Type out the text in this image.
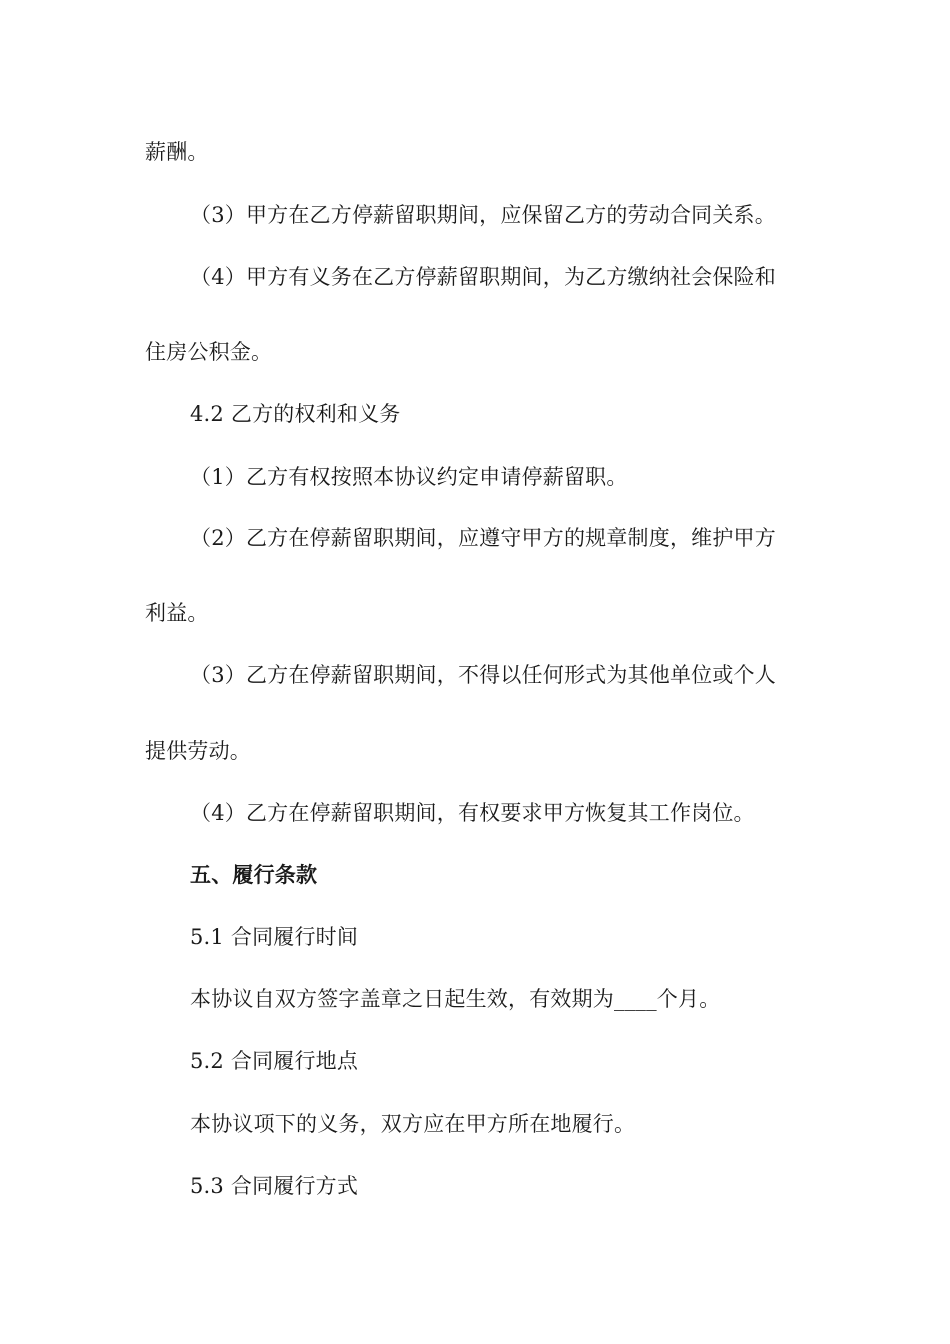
薪酬。
（3）甲方在乙方停薪留职期间，应保留乙方的劳动合同关系。
（4）甲方有义务在乙方停薪留职期间，为乙方缴纳社会保险和
住房公积金。
4.2 乙方的权利和义务
（1）乙方有权按照本协议约定申请停薪留职。
（2）乙方在停薪留职期间，应遵守甲方的规章制度，维护甲方
利益。
（3）乙方在停薪留职期间，不得以任何形式为其他单位或个人
提供劳动。
（4）乙方在停薪留职期间，有权要求甲方恢复其工作岗位。
五、履行条款
5.1 合同履行时间
本协议自双方签字盖章之日起生效，有效期为____个月。
5.2 合同履行地点
本协议项下的义务，双方应在甲方所在地履行。
5.3 合同履行方式
